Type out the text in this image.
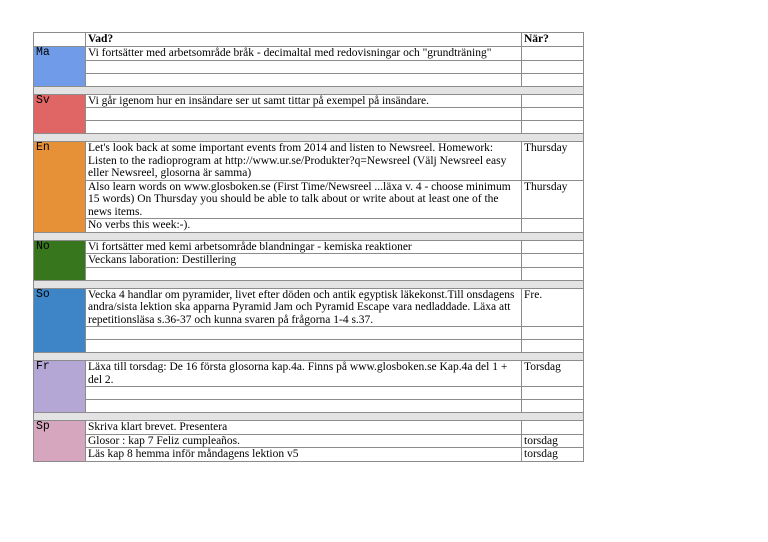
	Vad?	När?
Ma	Vi fortsätter med arbetsområde bråk - decimaltal med redovisningar och "grundträning"	

Sv	Vi går igenom hur en insändare ser ut samt tittar på exempel på insändare.	

En	Let's look back at some important events from 2014 and listen to Newsreel. Homework: Listen to the radioprogram at http://www.ur.se/Produkter?q=Newsreel (Välj Newsreel easy eller Newsreel, glosorna är samma)	Thursday
	Also learn words on www.glosboken.se (First Time/Newsreel ...läxa v. 4 - choose minimum 15 words) On Thursday you should be able to talk about or write about at least one of the news items.	Thursday
	No verbs this week:-).	

No	Vi fortsätter med kemi arbetsområde blandningar - kemiska reaktioner	
	Veckans laboration: Destillering	

So	Vecka 4 handlar om pyramider, livet efter döden och antik egyptisk läkekonst.Till onsdagens andra/sista lektion ska apparna Pyramid Jam och Pyramid Escape vara nedladdade. Läxa att repetitionsläsa s.36-37 och kunna svaren på frågorna 1-4 s.37.	Fre.

Fr	Läxa till torsdag: De 16 första glosorna kap.4a. Finns på www.glosboken.se Kap.4a del 1 + del 2.	Torsdag

Sp	Skriva klart brevet. Presentera	
	Glosor : kap 7 Feliz cumpleaños.	torsdag
	Läs kap 8 hemma inför måndagens lektion v5	torsdag
